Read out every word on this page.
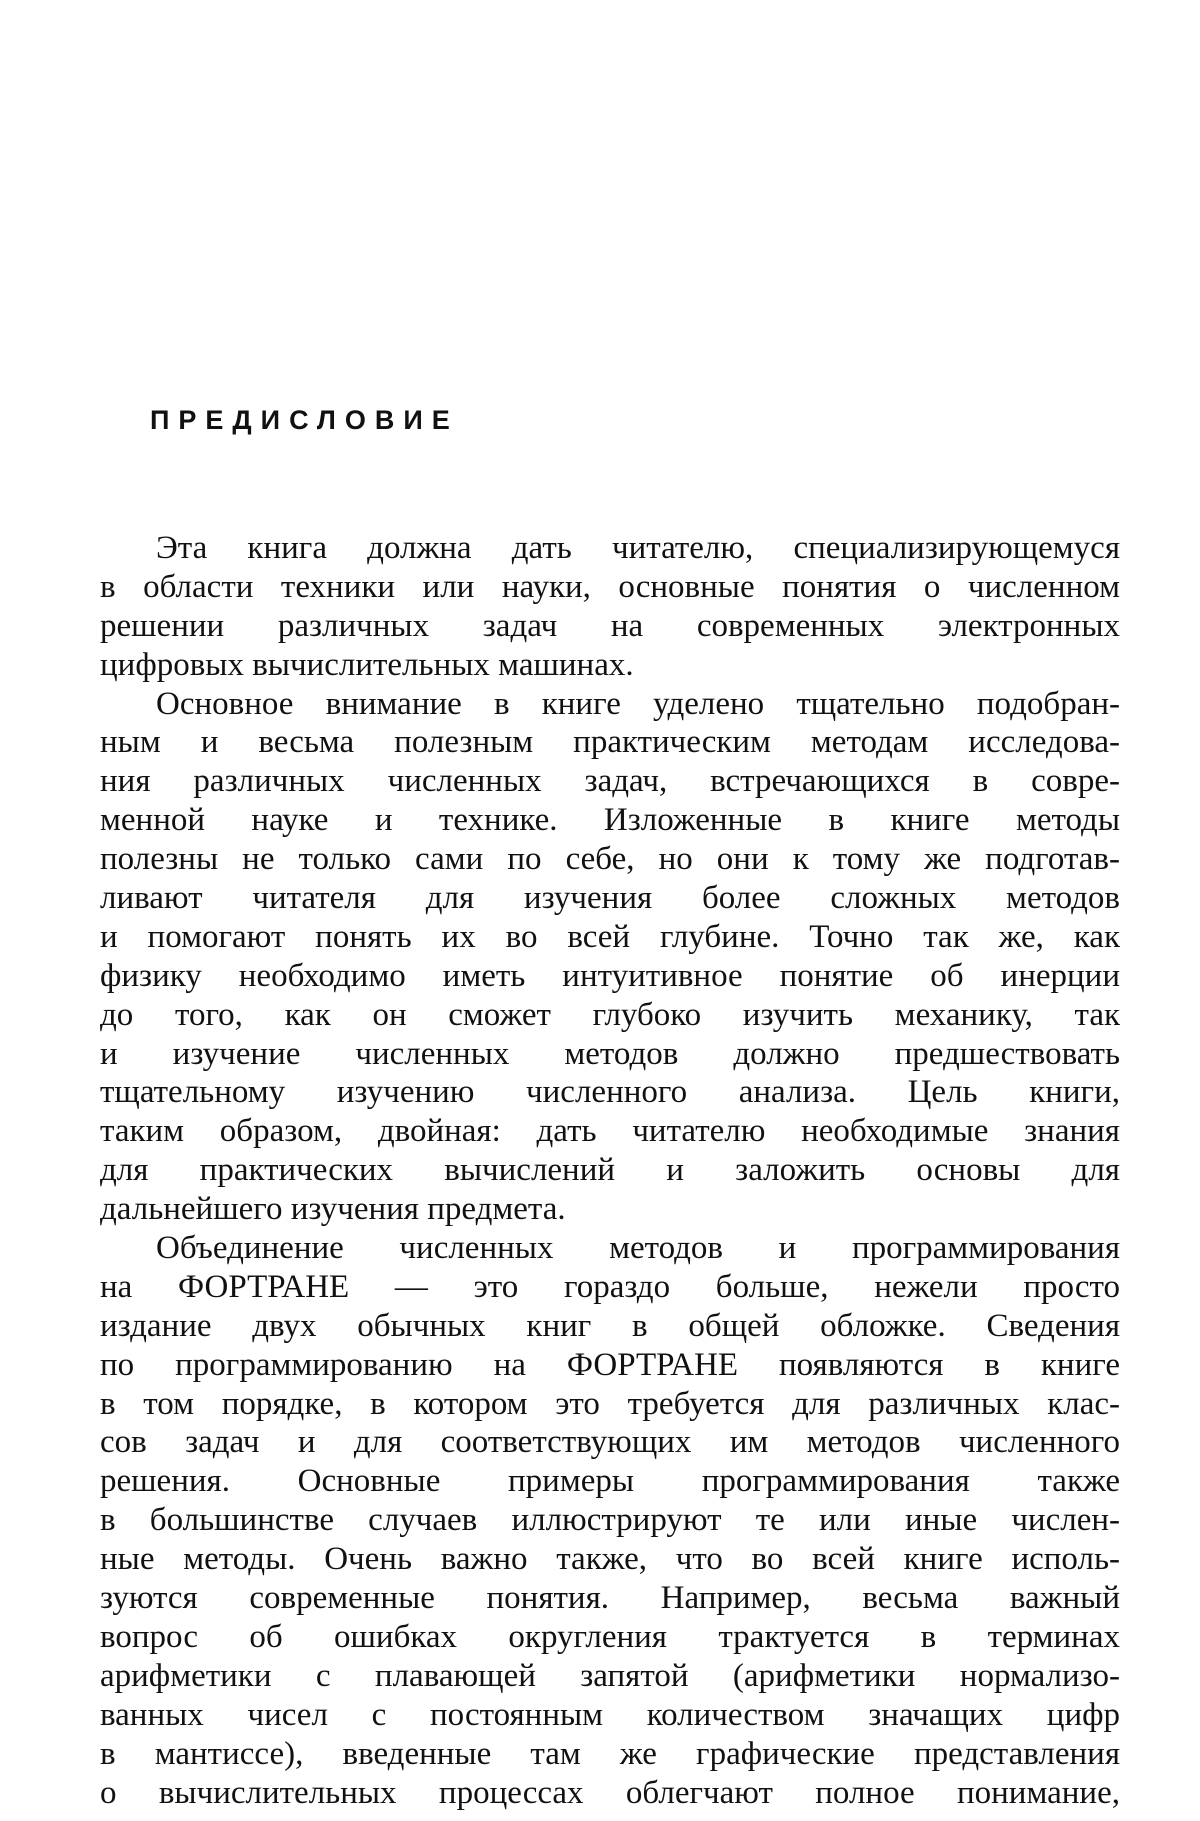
ПРЕДИСЛОВИЕ
Эта книга должна дать читателю, специализирующемуся
в области техники или науки, основные понятия о численном
решении различных задач на современных электронных
цифровых вычислительных машинах.
Основное внимание в книге уделено тщательно подобран-
ным и весьма полезным практическим методам исследова-
ния различных численных задач, встречающихся в совре-
менной науке и технике. Изложенные в книге методы
полезны не только сами по себе, но они к тому же подготав-
ливают читателя для изучения более сложных методов
и помогают понять их во всей глубине. Точно так же, как
физику необходимо иметь интуитивное понятие об инерции
до того, как он сможет глубоко изучить механику, так
и изучение численных методов должно предшествовать
тщательному изучению численного анализа. Цель книги,
таким образом, двойная: дать читателю необходимые знания
для практических вычислений и заложить основы для
дальнейшего изучения предмета.
Объединение численных методов и программирования
на ФОРТРАНЕ — это гораздо больше, нежели просто
издание двух обычных книг в общей обложке. Сведения
по программированию на ФОРТРАНЕ появляются в книге
в том порядке, в котором это требуется для различных клас-
сов задач и для соответствующих им методов численного
решения. Основные примеры программирования также
в большинстве случаев иллюстрируют те или иные числен-
ные методы. Очень важно также, что во всей книге исполь-
зуются современные понятия. Например, весьма важный
вопрос об ошибках округления трактуется в терминах
арифметики с плавающей запятой (арифметики нормализо-
ванных чисел с постоянным количеством значащих цифр
в мантиссе), введенные там же графические представления
о вычислительных процессах облегчают полное понимание,
